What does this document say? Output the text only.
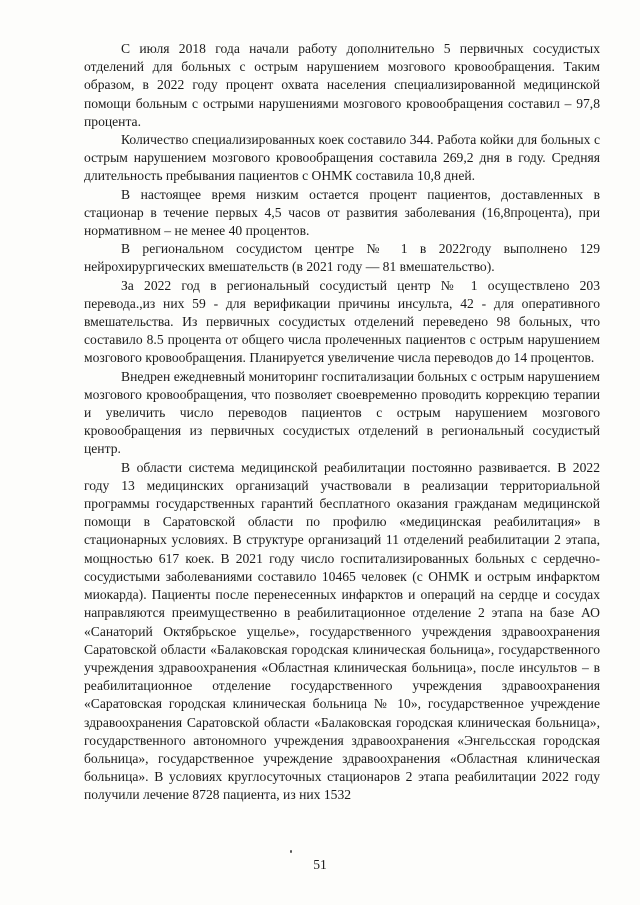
С июля 2018 года начали работу дополнительно 5 первичных сосудистых отделений для больных с острым нарушением мозгового кровообращения. Таким образом, в 2022 году процент охвата населения специализированной медицинской помощи больным с острыми нарушениями мозгового кровообращения составил – 97,8 процента.

Количество специализированных коек составило 344. Работа койки для больных с острым нарушением мозгового кровообращения составила 269,2 дня в году. Средняя длительность пребывания пациентов с ОНМК составила 10,8 дней.

В настоящее время низким остается процент пациентов, доставленных в стационар в течение первых 4,5 часов от развития заболевания (16,8процента), при нормативном – не менее 40 процентов.

В региональном сосудистом центре № 1 в 2022году выполнено 129 нейрохирургических вмешательств (в 2021 году — 81 вмешательство).

За 2022 год в региональный сосудистый центр № 1 осуществлено 203 перевода.,из них 59 - для верификации причины инсульта, 42 - для оперативного вмешательства. Из первичных сосудистых отделений переведено 98 больных, что составило 8.5 процента от общего числа пролеченных пациентов с острым нарушением мозгового кровообращения. Планируется увеличение числа переводов до 14 процентов.

Внедрен ежедневный мониторинг госпитализации больных с острым нарушением мозгового кровообращения, что позволяет своевременно проводить коррекцию терапии и увеличить число переводов пациентов с острым нарушением мозгового кровообращения из первичных сосудистых отделений в региональный сосудистый центр.

В области система медицинской реабилитации постоянно развивается. В 2022 году 13 медицинских организаций участвовали в реализации территориальной программы государственных гарантий бесплатного оказания гражданам медицинской помощи в Саратовской области по профилю «медицинская реабилитация» в стационарных условиях. В структуре организаций 11 отделений реабилитации 2 этапа, мощностью 617 коек. В 2021 году число госпитализированных больных с сердечно- сосудистыми заболеваниями составило 10465 человек (с ОНМК и острым инфарктом миокарда). Пациенты после перенесенных инфарктов и операций на сердце и сосудах направляются преимущественно в реабилитационное отделение 2 этапа на базе АО «Санаторий Октябрьское ущелье», государственного учреждения здравоохранения Саратовской области «Балаковская городская клиническая больница», государственного учреждения здравоохранения «Областная клиническая больница», после инсультов – в реабилитационное отделение государственного учреждения здравоохранения «Саратовская городская клиническая больница № 10», государственное учреждение здравоохранения Саратовской области «Балаковская городская клиническая больница», государственного автономного учреждения здравоохранения «Энгельсская городская больница», государственное учреждение здравоохранения «Областная клиническая больница». В условиях круглосуточных стационаров 2 этапа реабилитации 2022 году получили лечение 8728 пациента, из них 1532

51
